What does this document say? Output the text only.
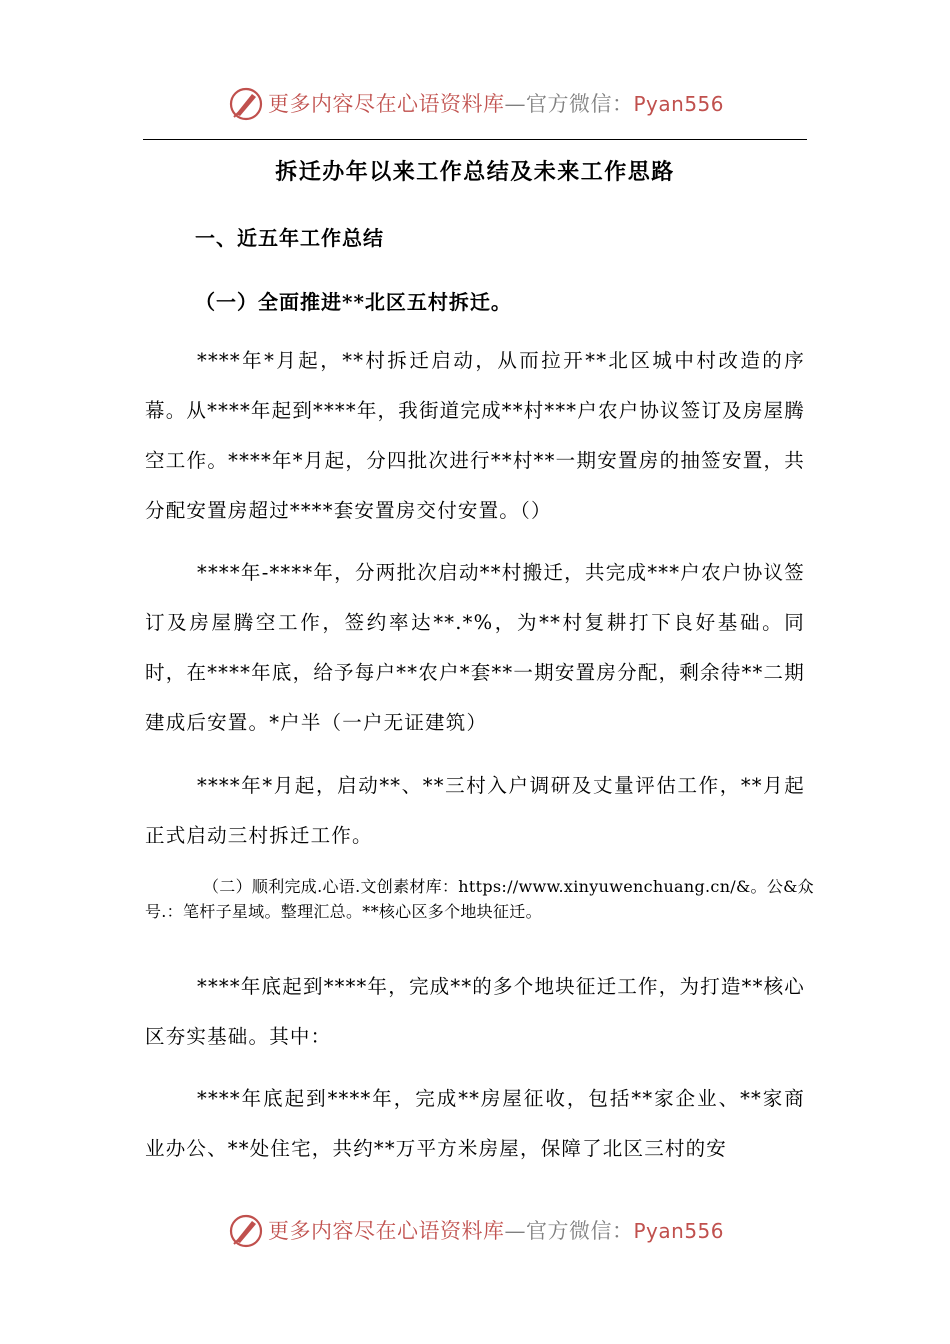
更多内容尽在心语资料库—官方微信：Pyan556
拆迁办年以来工作总结及未来工作思路
一、近五年工作总结
（一）全面推进**北区五村拆迁。

****年*月起，**村拆迁启动，从而拉开**北区城中村改造的序幕。从****年起到****年，我街道完成**村***户农户协议签订及房屋腾空工作。****年*月起，分四批次进行**村**一期安置房的抽签安置，共分配安置房超过****套安置房交付安置。（）

****年-****年，分两批次启动**村搬迁，共完成***户农户协议签订及房屋腾空工作，签约率达**.*%，为**村复耕打下良好基础。同时，在****年底，给予每户**农户*套**一期安置房分配，剩余待**二期建成后安置。*户半（一户无证建筑）

****年*月起，启动**、**三村入户调研及丈量评估工作，**月起正式启动三村拆迁工作。

（二）顺利完成.心语.文创素材库：https://www.xinyuwenchuang.cn/&。公&众号.：笔杆子星域。整理汇总。**核心区多个地块征迁。

****年底起到****年，完成**的多个地块征迁工作，为打造**核心区夯实基础。其中：

****年底起到****年，完成**房屋征收，包括**家企业、**家商业办公、**处住宅，共约**万平方米房屋，保障了北区三村的安

更多内容尽在心语资料库—官方微信：Pyan556
